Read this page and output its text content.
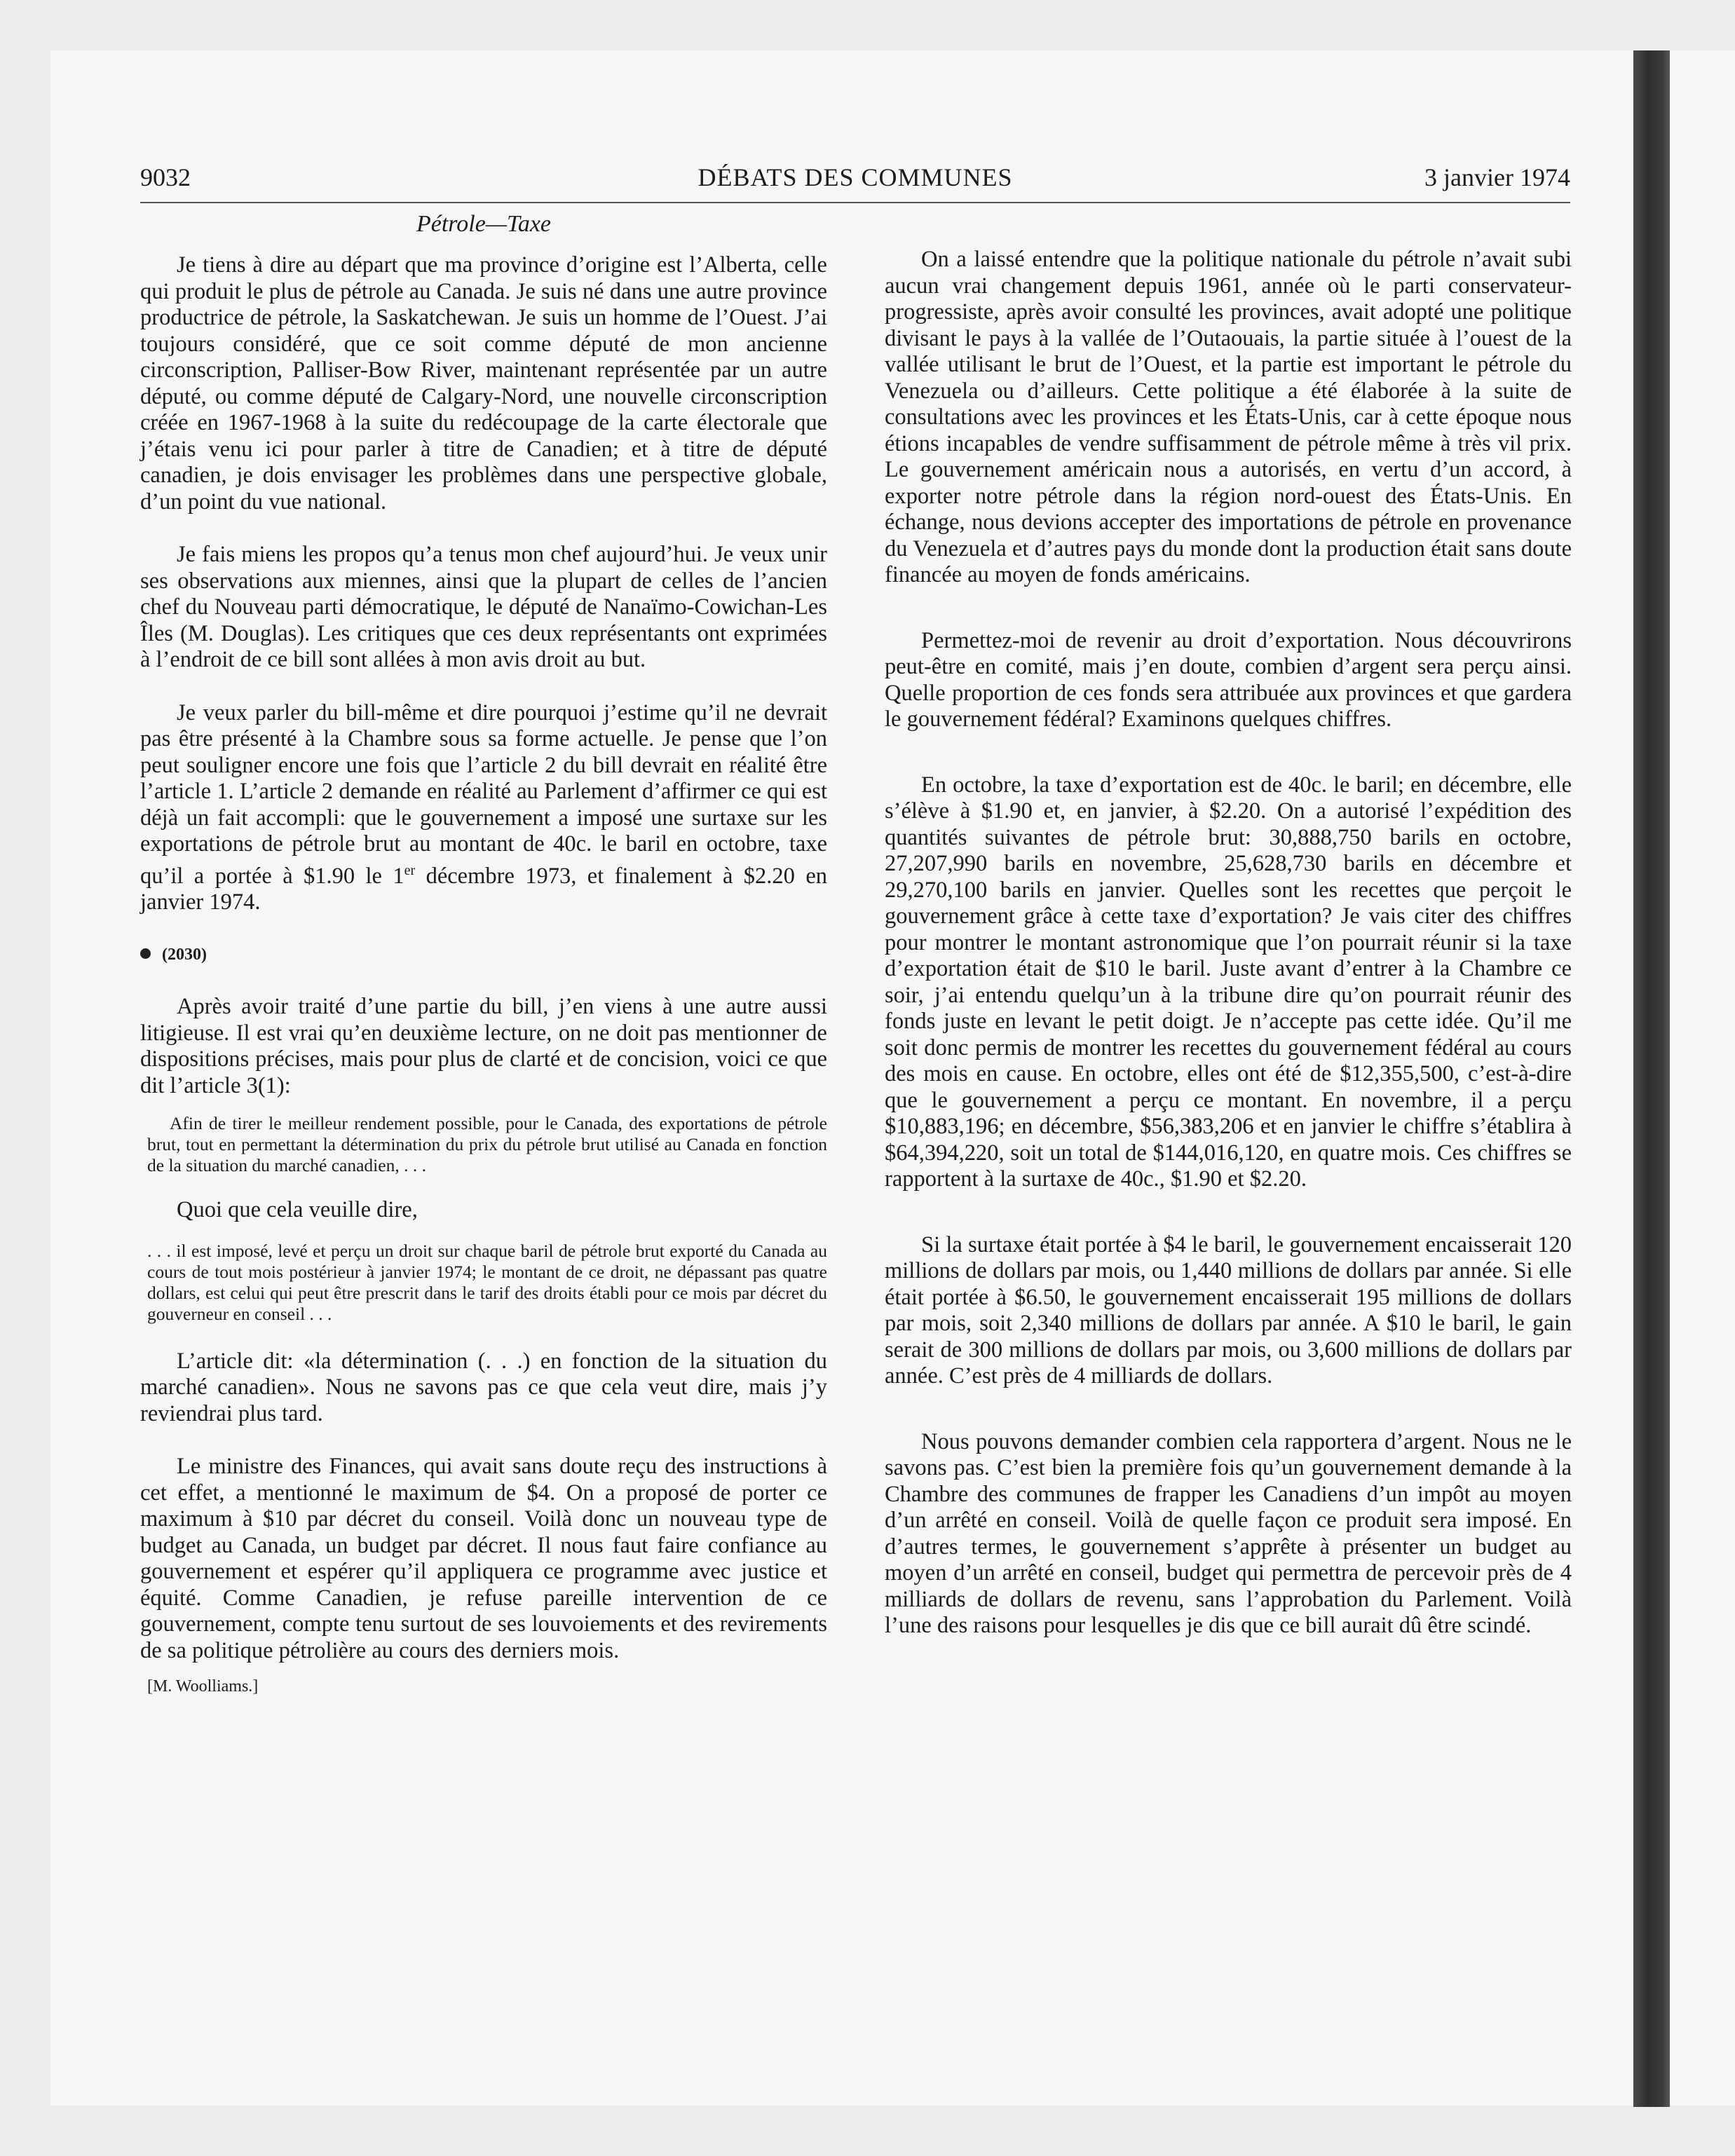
9032	DÉBATS DES COMMUNES	3 janvier 1974
Pétrole—Taxe

Je tiens à dire au départ que ma province d’origine est l’Alberta, celle qui produit le plus de pétrole au Canada. Je suis né dans une autre province productrice de pétrole, la Saskatchewan. Je suis un homme de l’Ouest. J’ai toujours considéré, que ce soit comme député de mon ancienne circonscription, Palliser-Bow River, maintenant représentée par un autre député, ou comme député de Calgary-Nord, une nouvelle circonscription créée en 1967-1968 à la suite du redécoupage de la carte électorale que j’étais venu ici pour parler à titre de Canadien; et à titre de député canadien, je dois envisager les problèmes dans une perspective globale, d’un point du vue national.

Je fais miens les propos qu’a tenus mon chef aujourd’hui. Je veux unir ses observations aux miennes, ainsi que la plupart de celles de l’ancien chef du Nouveau parti démocratique, le député de Nanaïmo-Cowichan-Les Îles (M. Douglas). Les critiques que ces deux représentants ont exprimées à l’endroit de ce bill sont allées à mon avis droit au but.

Je veux parler du bill-même et dire pourquoi j’estime qu’il ne devrait pas être présenté à la Chambre sous sa forme actuelle. Je pense que l’on peut souligner encore une fois que l’article 2 du bill devrait en réalité être l’article 1. L’article 2 demande en réalité au Parlement d’affirmer ce qui est déjà un fait accompli: que le gouvernement a imposé une surtaxe sur les exportations de pétrole brut au montant de 40c. le baril en octobre, taxe qu’il a portée à $1.90 le 1er décembre 1973, et finalement à $2.20 en janvier 1974.

(2030)

Après avoir traité d’une partie du bill, j’en viens à une autre aussi litigieuse. Il est vrai qu’en deuxième lecture, on ne doit pas mentionner de dispositions précises, mais pour plus de clarté et de concision, voici ce que dit l’article 3(1):

Afin de tirer le meilleur rendement possible, pour le Canada, des exportations de pétrole brut, tout en permettant la détermination du prix du pétrole brut utilisé au Canada en fonction de la situation du marché canadien, . . .

Quoi que cela veuille dire,

. . . il est imposé, levé et perçu un droit sur chaque baril de pétrole brut exporté du Canada au cours de tout mois postérieur à janvier 1974; le montant de ce droit, ne dépassant pas quatre dollars, est celui qui peut être prescrit dans le tarif des droits établi pour ce mois par décret du gouverneur en conseil . . .

L’article dit: «la détermination (. . .) en fonction de la situation du marché canadien». Nous ne savons pas ce que cela veut dire, mais j’y reviendrai plus tard.

Le ministre des Finances, qui avait sans doute reçu des instructions à cet effet, a mentionné le maximum de $4. On a proposé de porter ce maximum à $10 par décret du conseil. Voilà donc un nouveau type de budget au Canada, un budget par décret. Il nous faut faire confiance au gouvernement et espérer qu’il appliquera ce programme avec justice et équité. Comme Canadien, je refuse pareille intervention de ce gouvernement, compte tenu surtout de ses louvoiements et des revirements de sa politique pétrolière au cours des derniers mois.

[M. Woolliams.]

On a laissé entendre que la politique nationale du pétrole n’avait subi aucun vrai changement depuis 1961, année où le parti conservateur-progressiste, après avoir consulté les provinces, avait adopté une politique divisant le pays à la vallée de l’Outaouais, la partie située à l’ouest de la vallée utilisant le brut de l’Ouest, et la partie est important le pétrole du Venezuela ou d’ailleurs. Cette politique a été élaborée à la suite de consultations avec les provinces et les États-Unis, car à cette époque nous étions incapables de vendre suffisamment de pétrole même à très vil prix. Le gouvernement américain nous a autorisés, en vertu d’un accord, à exporter notre pétrole dans la région nord-ouest des États-Unis. En échange, nous devions accepter des importations de pétrole en provenance du Venezuela et d’autres pays du monde dont la production était sans doute financée au moyen de fonds américains.

Permettez-moi de revenir au droit d’exportation. Nous découvrirons peut-être en comité, mais j’en doute, combien d’argent sera perçu ainsi. Quelle proportion de ces fonds sera attribuée aux provinces et que gardera le gouvernement fédéral? Examinons quelques chiffres.

En octobre, la taxe d’exportation est de 40c. le baril; en décembre, elle s’élève à $1.90 et, en janvier, à $2.20. On a autorisé l’expédition des quantités suivantes de pétrole brut: 30,888,750 barils en octobre, 27,207,990 barils en novembre, 25,628,730 barils en décembre et 29,270,100 barils en janvier. Quelles sont les recettes que perçoit le gouvernement grâce à cette taxe d’exportation? Je vais citer des chiffres pour montrer le montant astronomique que l’on pourrait réunir si la taxe d’exportation était de $10 le baril. Juste avant d’entrer à la Chambre ce soir, j’ai entendu quelqu’un à la tribune dire qu’on pourrait réunir des fonds juste en levant le petit doigt. Je n’accepte pas cette idée. Qu’il me soit donc permis de montrer les recettes du gouvernement fédéral au cours des mois en cause. En octobre, elles ont été de $12,355,500, c’est-à-dire que le gouvernement a perçu ce montant. En novembre, il a perçu $10,883,196; en décembre, $56,383,206 et en janvier le chiffre s’établira à $64,394,220, soit un total de $144,016,120, en quatre mois. Ces chiffres se rapportent à la surtaxe de 40c., $1.90 et $2.20.

Si la surtaxe était portée à $4 le baril, le gouvernement encaisserait 120 millions de dollars par mois, ou 1,440 millions de dollars par année. Si elle était portée à $6.50, le gouvernement encaisserait 195 millions de dollars par mois, soit 2,340 millions de dollars par année. A $10 le baril, le gain serait de 300 millions de dollars par mois, ou 3,600 millions de dollars par année. C’est près de 4 milliards de dollars.

Nous pouvons demander combien cela rapportera d’argent. Nous ne le savons pas. C’est bien la première fois qu’un gouvernement demande à la Chambre des communes de frapper les Canadiens d’un impôt au moyen d’un arrêté en conseil. Voilà de quelle façon ce produit sera imposé. En d’autres termes, le gouvernement s’apprête à présenter un budget au moyen d’un arrêté en conseil, budget qui permettra de percevoir près de 4 milliards de dollars de revenu, sans l’approbation du Parlement. Voilà l’une des raisons pour lesquelles je dis que ce bill aurait dû être scindé.
